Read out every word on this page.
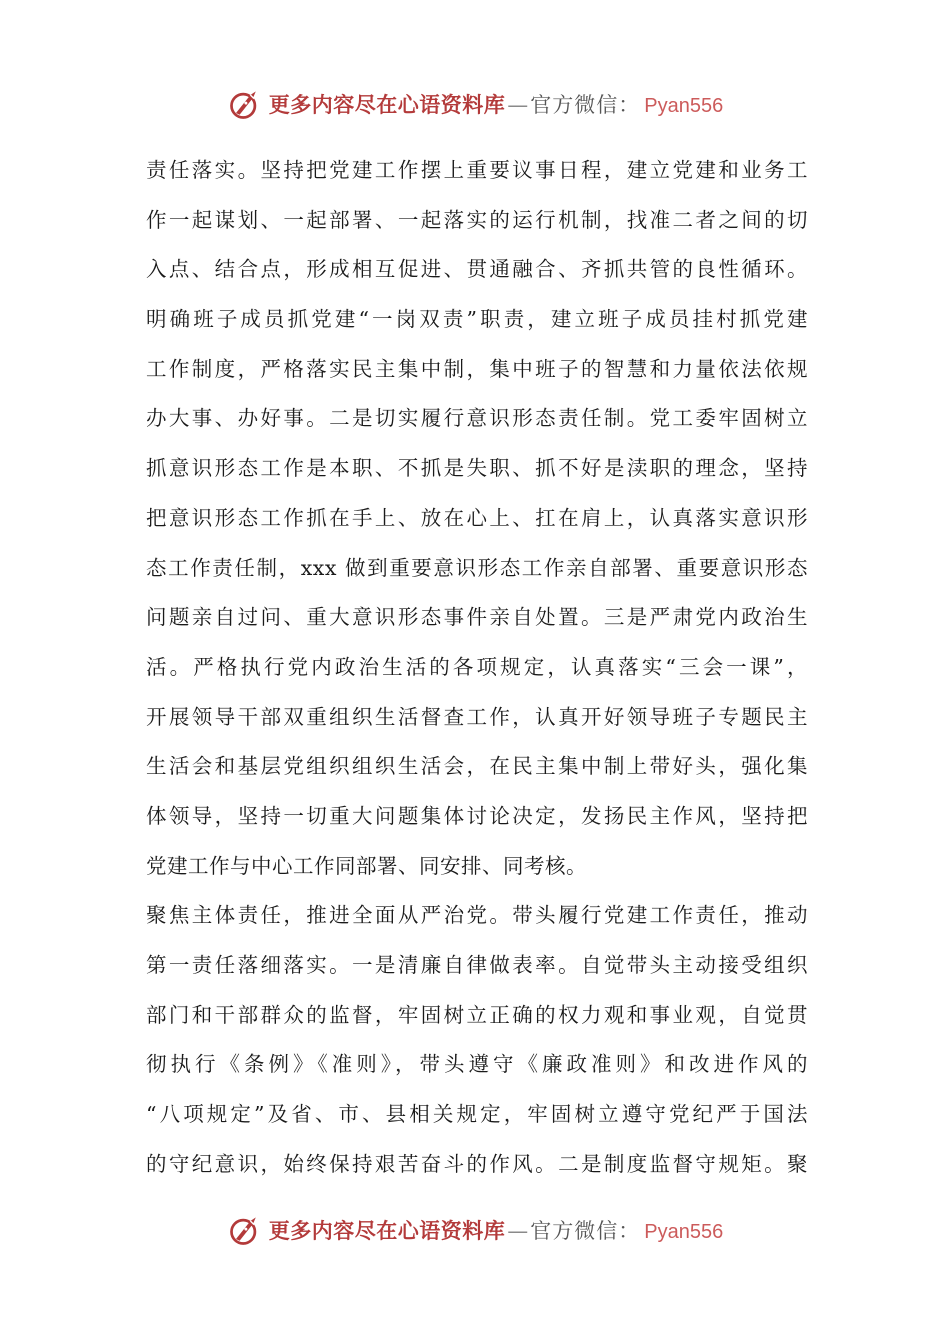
更多内容尽在心语资料库 — 官方微信： Pyan556
责任落实。坚持把党建工作摆上重要议事日程，建立党建和业务工
作一起谋划、一起部署、一起落实的运行机制，找准二者之间的切
入点、结合点，形成相互促进、贯通融合、齐抓共管的良性循环。
明确班子成员抓党建“一岗双责”职责，建立班子成员挂村抓党建
工作制度，严格落实民主集中制，集中班子的智慧和力量依法依规
办大事、办好事。二是切实履行意识形态责任制。党工委牢固树立
抓意识形态工作是本职、不抓是失职、抓不好是渎职的理念，坚持
把意识形态工作抓在手上、放在心上、扛在肩上，认真落实意识形
态工作责任制，xxx 做到重要意识形态工作亲自部署、重要意识形态
问题亲自过问、重大意识形态事件亲自处置。三是严肃党内政治生
活。严格执行党内政治生活的各项规定，认真落实“三会一课”，
开展领导干部双重组织生活督查工作，认真开好领导班子专题民主
生活会和基层党组织组织生活会，在民主集中制上带好头，强化集
体领导，坚持一切重大问题集体讨论决定，发扬民主作风，坚持把
党建工作与中心工作同部署、同安排、同考核。
聚焦主体责任，推进全面从严治党。带头履行党建工作责任，推动
第一责任落细落实。一是清廉自律做表率。自觉带头主动接受组织
部门和干部群众的监督，牢固树立正确的权力观和事业观，自觉贯
彻执行《条例》《准则》，带头遵守《廉政准则》和改进作风的
“八项规定”及省、市、县相关规定，牢固树立遵守党纪严于国法
的守纪意识，始终保持艰苦奋斗的作风。二是制度监督守规矩。聚
更多内容尽在心语资料库 — 官方微信： Pyan556
